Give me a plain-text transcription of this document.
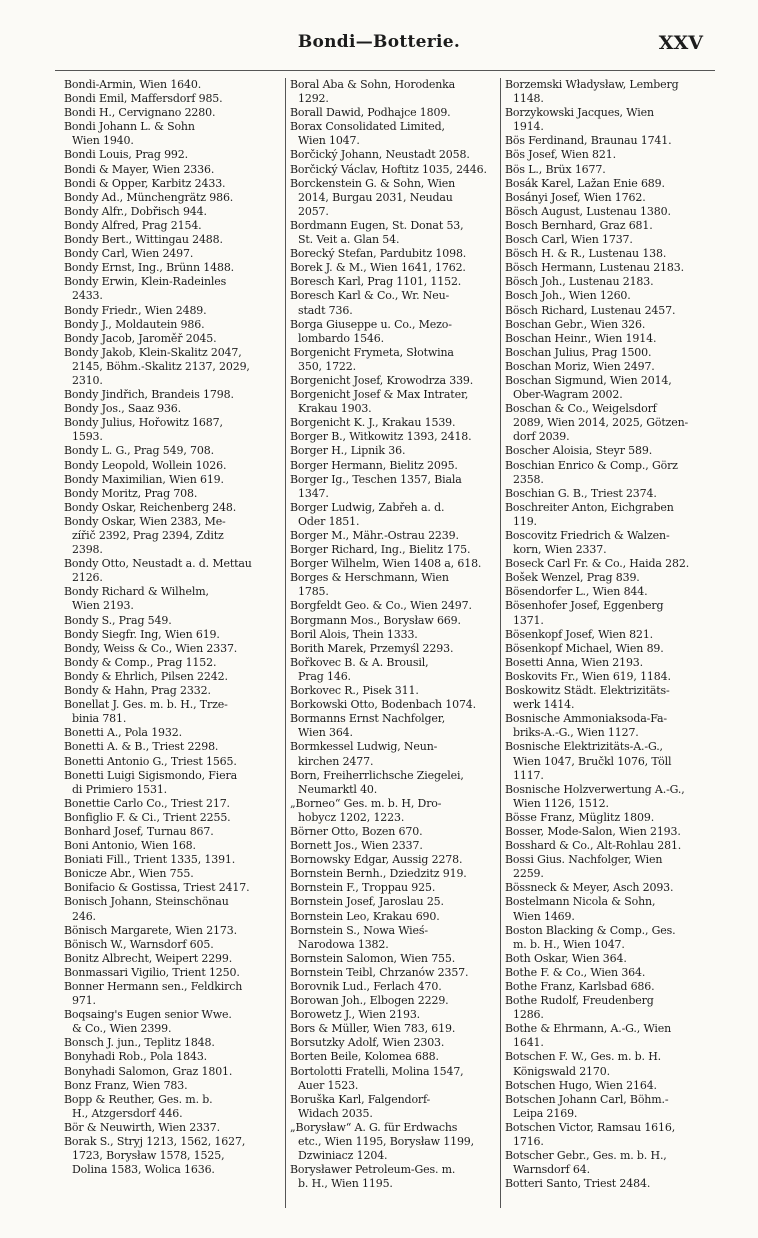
Bondi—Botterie.	XXV

Bondi-Armin, Wien 1640.

Bondi Emil, Maffersdorf 985.

Bondi H., Cervignano 2280.

Bondi Johann L. & Sohn

Wien 1940.

Bondi Louis, Prag 992.

Bondi & Mayer, Wien 2336.

Bondi & Opper, Karbitz 2433.

Bondy Ad., Münchengrätz 986.

Bondy Alfr., Dobřisch 944.

Bondy Alfred, Prag 2154.

Bondy Bert., Wittingau 2488.

Bondy Carl, Wien 2497.

Bondy Ernst, Ing., Brünn 1488.

Bondy Erwin, Klein-Radeinles

2433.

Bondy Friedr., Wien 2489.

Bondy J., Moldautein 986.

Bondy Jacob, Jaroměř 2045.

Bondy Jakob, Klein-Skalitz 2047,

2145, Böhm.-Skalitz 2137, 2029,

2310.

Bondy Jindřich, Brandeis 1798.

Bondy Jos., Saaz 936.

Bondy Julius, Hořowitz 1687,

1593.

Bondy L. G., Prag 549, 708.

Bondy Leopold, Wollein 1026.

Bondy Maximilian, Wien 619.

Bondy Moritz, Prag 708.

Bondy Oskar, Reichenberg 248.

Bondy Oskar, Wien 2383, Me-

zířič 2392, Prag 2394, Zditz

2398.

Bondy Otto, Neustadt a. d. Mettau

2126.

Bondy Richard & Wilhelm,

Wien 2193.

Bondy S., Prag 549.

Bondy Siegfr. Ing, Wien 619.

Bondy, Weiss & Co., Wien 2337.

Bondy & Comp., Prag 1152.

Bondy & Ehrlich, Pilsen 2242.

Bondy & Hahn, Prag 2332.

Bonellat J. Ges. m. b. H., Trze-

binia 781.

Bonetti A., Pola 1932.

Bonetti A. & B., Triest 2298.

Bonetti Antonio G., Triest 1565.

Bonetti Luigi Sigismondo, Fiera

di Primiero 1531.

Bonettie Carlo Co., Triest 217.

Bonfiglio F. & Ci., Trient 2255.

Bonhard Josef, Turnau 867.

Boni Antonio, Wien 168.

Boniati Fill., Trient 1335, 1391.

Bonicze Abr., Wien 755.

Bonifacio & Gostissa, Triest 2417.

Bonisch Johann, Steinschönau

246.

Bönisch Margarete, Wien 2173.

Bönisch W., Warnsdorf 605.

Bonitz Albrecht, Weipert 2299.

Bonmassari Vigilio, Trient 1250.

Bonner Hermann sen., Feldkirch

971.

Boqsaing's Eugen senior Wwe.

& Co., Wien 2399.

Bonsch J. jun., Teplitz 1848.

Bonyhadi Rob., Pola 1843.

Bonyhadi Salomon, Graz 1801.

Bonz Franz, Wien 783.

Bopp & Reuther, Ges. m. b.

H., Atzgersdorf 446.

Bör & Neuwirth, Wien 2337.

Borak S., Stryj 1213, 1562, 1627,

1723, Borysław 1578, 1525,

Dolina 1583, Wolica 1636.

Boral Aba & Sohn, Horodenka

1292.

Borall Dawid, Podhajce 1809.

Borax Consolidated Limited,

Wien 1047.

Borčický Johann, Neustadt 2058.

Borčický Václav, Hoftitz 1035, 2446.

Borckenstein G. & Sohn, Wien

2014, Burgau 2031, Neudau

2057.

Bordmann Eugen, St. Donat 53,

St. Veit a. Glan 54.

Borecký Stefan, Pardubitz 1098.

Borek J. & M., Wien 1641, 1762.

Boresch Karl, Prag 1101, 1152.

Boresch Karl & Co., Wr. Neu-

stadt 736.

Borga Giuseppe u. Co., Mezo-

lombardo 1546.

Borgenicht Frymeta, Słotwina

350, 1722.

Borgenicht Josef, Krowodrza 339.

Borgenicht Josef & Max Intrater,

Krakau 1903.

Borgenicht K. J., Krakau 1539.

Borger B., Witkowitz 1393, 2418.

Borger H., Lipnik 36.

Borger Hermann, Bielitz 2095.

Borger Ig., Teschen 1357, Biala

1347.

Borger Ludwig, Zabřeh a. d.

Oder 1851.

Borger M., Mähr.-Ostrau 2239.

Borger Richard, Ing., Bielitz 175.

Borger Wilhelm, Wien 1408 a, 618.

Borges & Herschmann, Wien

1785.

Borgfeldt Geo. & Co., Wien 2497.

Borgmann Mos., Borysław 669.

Boril Alois, Thein 1333.

Borith Marek, Przemyśl 2293.

Bořkovec B. & A. Brousil,

Prag 146.

Borkovec R., Pisek 311.

Borkowski Otto, Bodenbach 1074.

Bormanns Ernst Nachfolger,

Wien 364.

Bormkessel Ludwig, Neun-

kirchen 2477.

Born, Freiherrlichsche Ziegelei,

Neumarktl 40.

„Borneo“ Ges. m. b. H, Dro-

hobycz 1202, 1223.

Börner Otto, Bozen 670.

Bornett Jos., Wien 2337.

Bornowsky Edgar, Aussig 2278.

Bornstein Bernh., Dziedzitz 919.

Bornstein F., Troppau 925.

Bornstein Josef, Jaroslau 25.

Bornstein Leo, Krakau 690.

Bornstein S., Nowa Wieś-

Narodowa 1382.

Bornstein Salomon, Wien 755.

Bornstein Teibl, Chrzanów 2357.

Borovnik Lud., Ferlach 470.

Borowan Joh., Elbogen 2229.

Borowetz J., Wien 2193.

Bors & Müller, Wien 783, 619.

Borsutzky Adolf, Wien 2303.

Borten Beile, Kolomea 688.

Bortolotti Fratelli, Molina 1547,

Auer 1523.

Boruška Karl, Falgendorf-

Widach 2035.

„Borysław“ A. G. für Erdwachs

etc., Wien 1195, Borysław 1199,

Dzwiniacz 1204.

Borysławer Petroleum-Ges. m.

b. H., Wien 1195.

Borzemski Władysław, Lemberg

1148.

Borzykowski Jacques, Wien

1914.

Bös Ferdinand, Braunau 1741.

Bös Josef, Wien 821.

Bös L., Brüx 1677.

Bosák Karel, Lažan Enie 689.

Bosányi Josef, Wien 1762.

Bösch August, Lustenau 1380.

Bosch Bernhard, Graz 681.

Bosch Carl, Wien 1737.

Bösch H. & R., Lustenau 138.

Bösch Hermann, Lustenau 2183.

Bösch Joh., Lustenau 2183.

Bosch Joh., Wien 1260.

Bösch Richard, Lustenau 2457.

Boschan Gebr., Wien 326.

Boschan Heinr., Wien 1914.

Boschan Julius, Prag 1500.

Boschan Moriz, Wien 2497.

Boschan Sigmund, Wien 2014,

Ober-Wagram 2002.

Boschan & Co., Weigelsdorf

2089, Wien 2014, 2025, Götzen-

dorf 2039.

Boscher Aloisia, Steyr 589.

Boschian Enrico & Comp., Görz

2358.

Boschian G. B., Triest 2374.

Boschreiter Anton, Eichgraben

119.

Boscovitz Friedrich & Walzen-

korn, Wien 2337.

Boseck Carl Fr. & Co., Haida 282.

Bošek Wenzel, Prag 839.

Bösendorfer L., Wien 844.

Bösenhofer Josef, Eggenberg

1371.

Bösenkopf Josef, Wien 821.

Bösenkopf Michael, Wien 89.

Bosetti Anna, Wien 2193.

Boskovits Fr., Wien 619, 1184.

Boskowitz Städt. Elektrizitäts-

werk 1414.

Bosnische Ammoniaksoda-Fa-

briks-A.-G., Wien 1127.

Bosnische Elektrizitäts-A.-G.,

Wien 1047, Bručkl 1076, Töll

1117.

Bosnische Holzverwertung A.-G.,

Wien 1126, 1512.

Bösse Franz, Müglitz 1809.

Bosser, Mode-Salon, Wien 2193.

Bosshard & Co., Alt-Rohlau 281.

Bossi Gius. Nachfolger, Wien

2259.

Bössneck & Meyer, Asch 2093.

Bostelmann Nicola & Sohn,

Wien 1469.

Boston Blacking & Comp., Ges.

m. b. H., Wien 1047.

Both Oskar, Wien 364.

Bothe F. & Co., Wien 364.

Bothe Franz, Karlsbad 686.

Bothe Rudolf, Freudenberg

1286.

Bothe & Ehrmann, A.-G., Wien

1641.

Botschen F. W., Ges. m. b. H.

Königswald 2170.

Botschen Hugo, Wien 2164.

Botschen Johann Carl, Böhm.-

Leipa 2169.

Botschen Victor, Ramsau 1616,

1716.

Botscher Gebr., Ges. m. b. H.,

Warnsdorf 64.

Botteri Santo, Triest 2484.
